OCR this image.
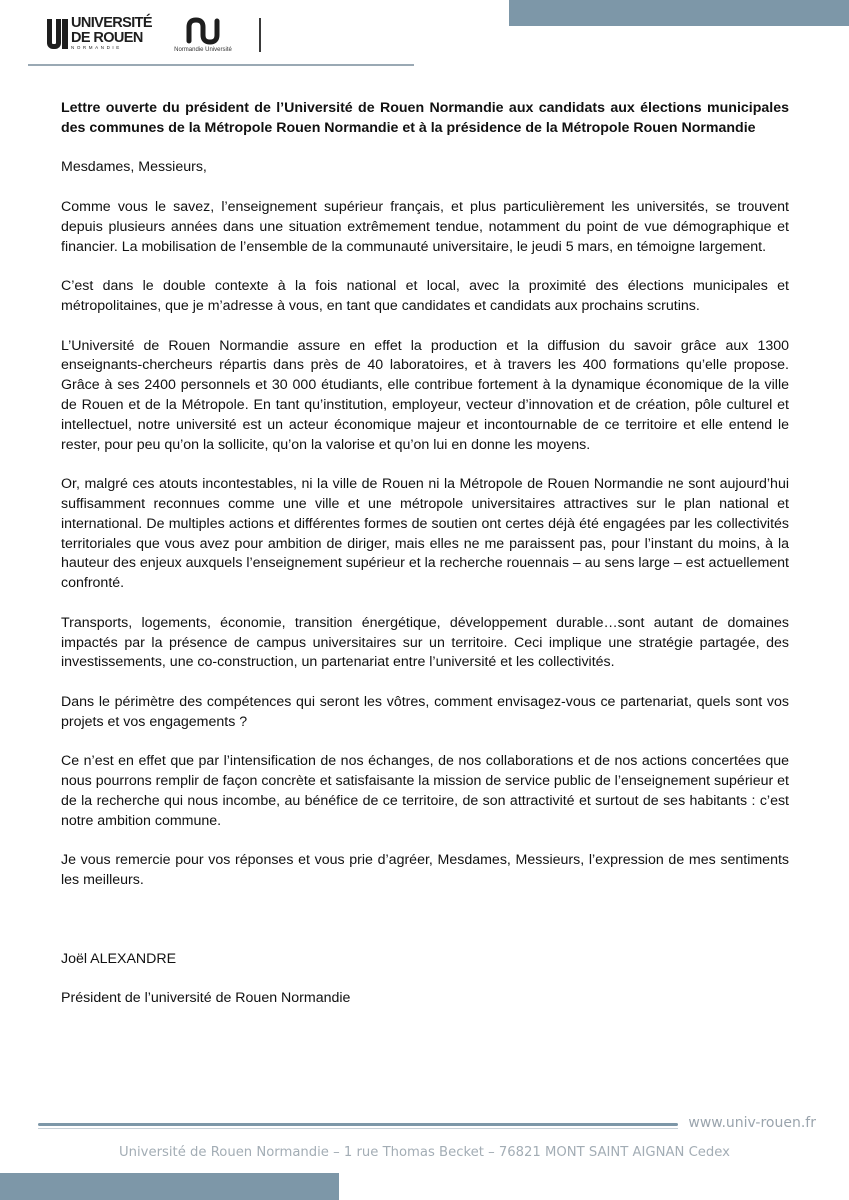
UNIVERSITÉ
DE ROUEN
NORMANDIE	Normandie Université

Lettre ouverte du président de l’Université de Rouen Normandie aux candidats aux élections municipales des communes de la Métropole Rouen Normandie et à la présidence de la Métropole Rouen Normandie

Mesdames, Messieurs,

Comme vous le savez, l’enseignement supérieur français, et plus particulièrement les universités, se trouvent depuis plusieurs années dans une situation extrêmement tendue, notamment du point de vue démographique et financier. La mobilisation de l’ensemble de la communauté universitaire, le jeudi 5 mars, en témoigne largement.

C’est dans le double contexte à la fois national et local, avec la proximité des élections municipales et métropolitaines, que je m’adresse à vous, en tant que candidates et candidats aux prochains scrutins.

L’Université de Rouen Normandie assure en effet la production et la diffusion du savoir grâce aux 1300 enseignants-chercheurs répartis dans près de 40 laboratoires, et à travers les 400 formations qu’elle propose. Grâce à ses 2400 personnels et 30 000 étudiants, elle contribue fortement à la dynamique économique de la ville de Rouen et de la Métropole. En tant qu’institution, employeur, vecteur d’innovation et de création, pôle culturel et intellectuel, notre université est un acteur économique majeur et incontournable de ce territoire et elle entend le rester, pour peu qu’on la sollicite, qu’on la valorise et qu’on lui en donne les moyens.

Or, malgré ces atouts incontestables, ni la ville de Rouen ni la Métropole de Rouen Normandie ne sont aujourd’hui suffisamment reconnues comme une ville et une métropole universitaires attractives sur le plan national et international. De multiples actions et différentes formes de soutien ont certes déjà été engagées par les collectivités territoriales que vous avez pour ambition de diriger, mais elles ne me paraissent pas, pour l’instant du moins, à la hauteur des enjeux auxquels l’enseignement supérieur et la recherche rouennais – au sens large – est actuellement confronté.

Transports, logements, économie, transition énergétique, développement durable…sont autant de domaines impactés par la présence de campus universitaires sur un territoire. Ceci implique une stratégie partagée, des investissements, une co-construction, un partenariat entre l’université et les collectivités.

Dans le périmètre des compétences qui seront les vôtres, comment envisagez-vous ce partenariat, quels sont vos projets et vos engagements ?

Ce n’est en effet que par l’intensification de nos échanges, de nos collaborations et de nos actions concertées que nous pourrons remplir de façon concrète et satisfaisante la mission de service public de l’enseignement supérieur et de la recherche qui nous incombe, au bénéfice de ce territoire, de son attractivité et surtout de ses habitants : c’est notre ambition commune.

Je vous remercie pour vos réponses et vous prie d’agréer, Mesdames, Messieurs, l’expression de mes sentiments les meilleurs.

Joël ALEXANDRE

Président de l’université de Rouen Normandie

www.univ-rouen.fr
Université de Rouen Normandie – 1 rue Thomas Becket – 76821 MONT SAINT AIGNAN Cedex
